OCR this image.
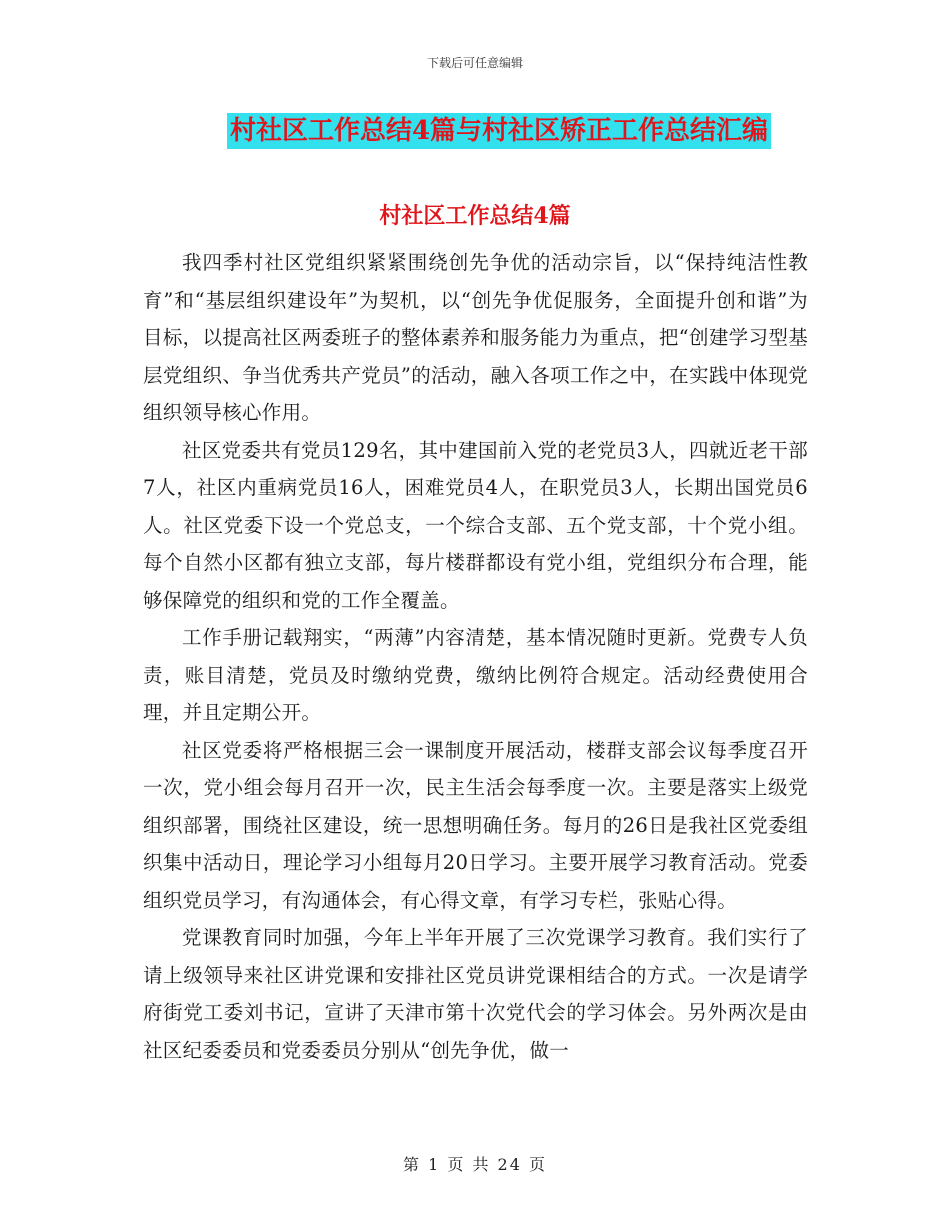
下载后可任意编辑
村社区工作总结4篇与村社区矫正工作总结汇编
村社区工作总结4篇

我四季村社区党组织紧紧围绕创先争优的活动宗旨，以“保持纯洁性教育”和“基层组织建设年”为契机，以“创先争优促服务，全面提升创和谐”为目标，以提高社区两委班子的整体素养和服务能力为重点，把“创建学习型基层党组织、争当优秀共产党员”的活动，融入各项工作之中，在实践中体现党组织领导核心作用。

社区党委共有党员129名，其中建国前入党的老党员3人，四就近老干部7人，社区内重病党员16人，困难党员4人，在职党员3人，长期出国党员6人。社区党委下设一个党总支，一个综合支部、五个党支部，十个党小组。每个自然小区都有独立支部，每片楼群都设有党小组，党组织分布合理，能够保障党的组织和党的工作全覆盖。

工作手册记载翔实，“两薄”内容清楚，基本情况随时更新。党费专人负责，账目清楚，党员及时缴纳党费，缴纳比例符合规定。活动经费使用合理，并且定期公开。

社区党委将严格根据三会一课制度开展活动，楼群支部会议每季度召开一次，党小组会每月召开一次，民主生活会每季度一次。主要是落实上级党组织部署，围绕社区建设，统一思想明确任务。每月的26日是我社区党委组织集中活动日，理论学习小组每月20日学习。主要开展学习教育活动。党委组织党员学习，有沟通体会，有心得文章，有学习专栏，张贴心得。

党课教育同时加强，今年上半年开展了三次党课学习教育。我们实行了请上级领导来社区讲党课和安排社区党员讲党课相结合的方式。一次是请学府街党工委刘书记，宣讲了天津市第十次党代会的学习体会。另外两次是由社区纪委委员和党委委员分别从“创先争优，做一

第 1 页 共 24 页
